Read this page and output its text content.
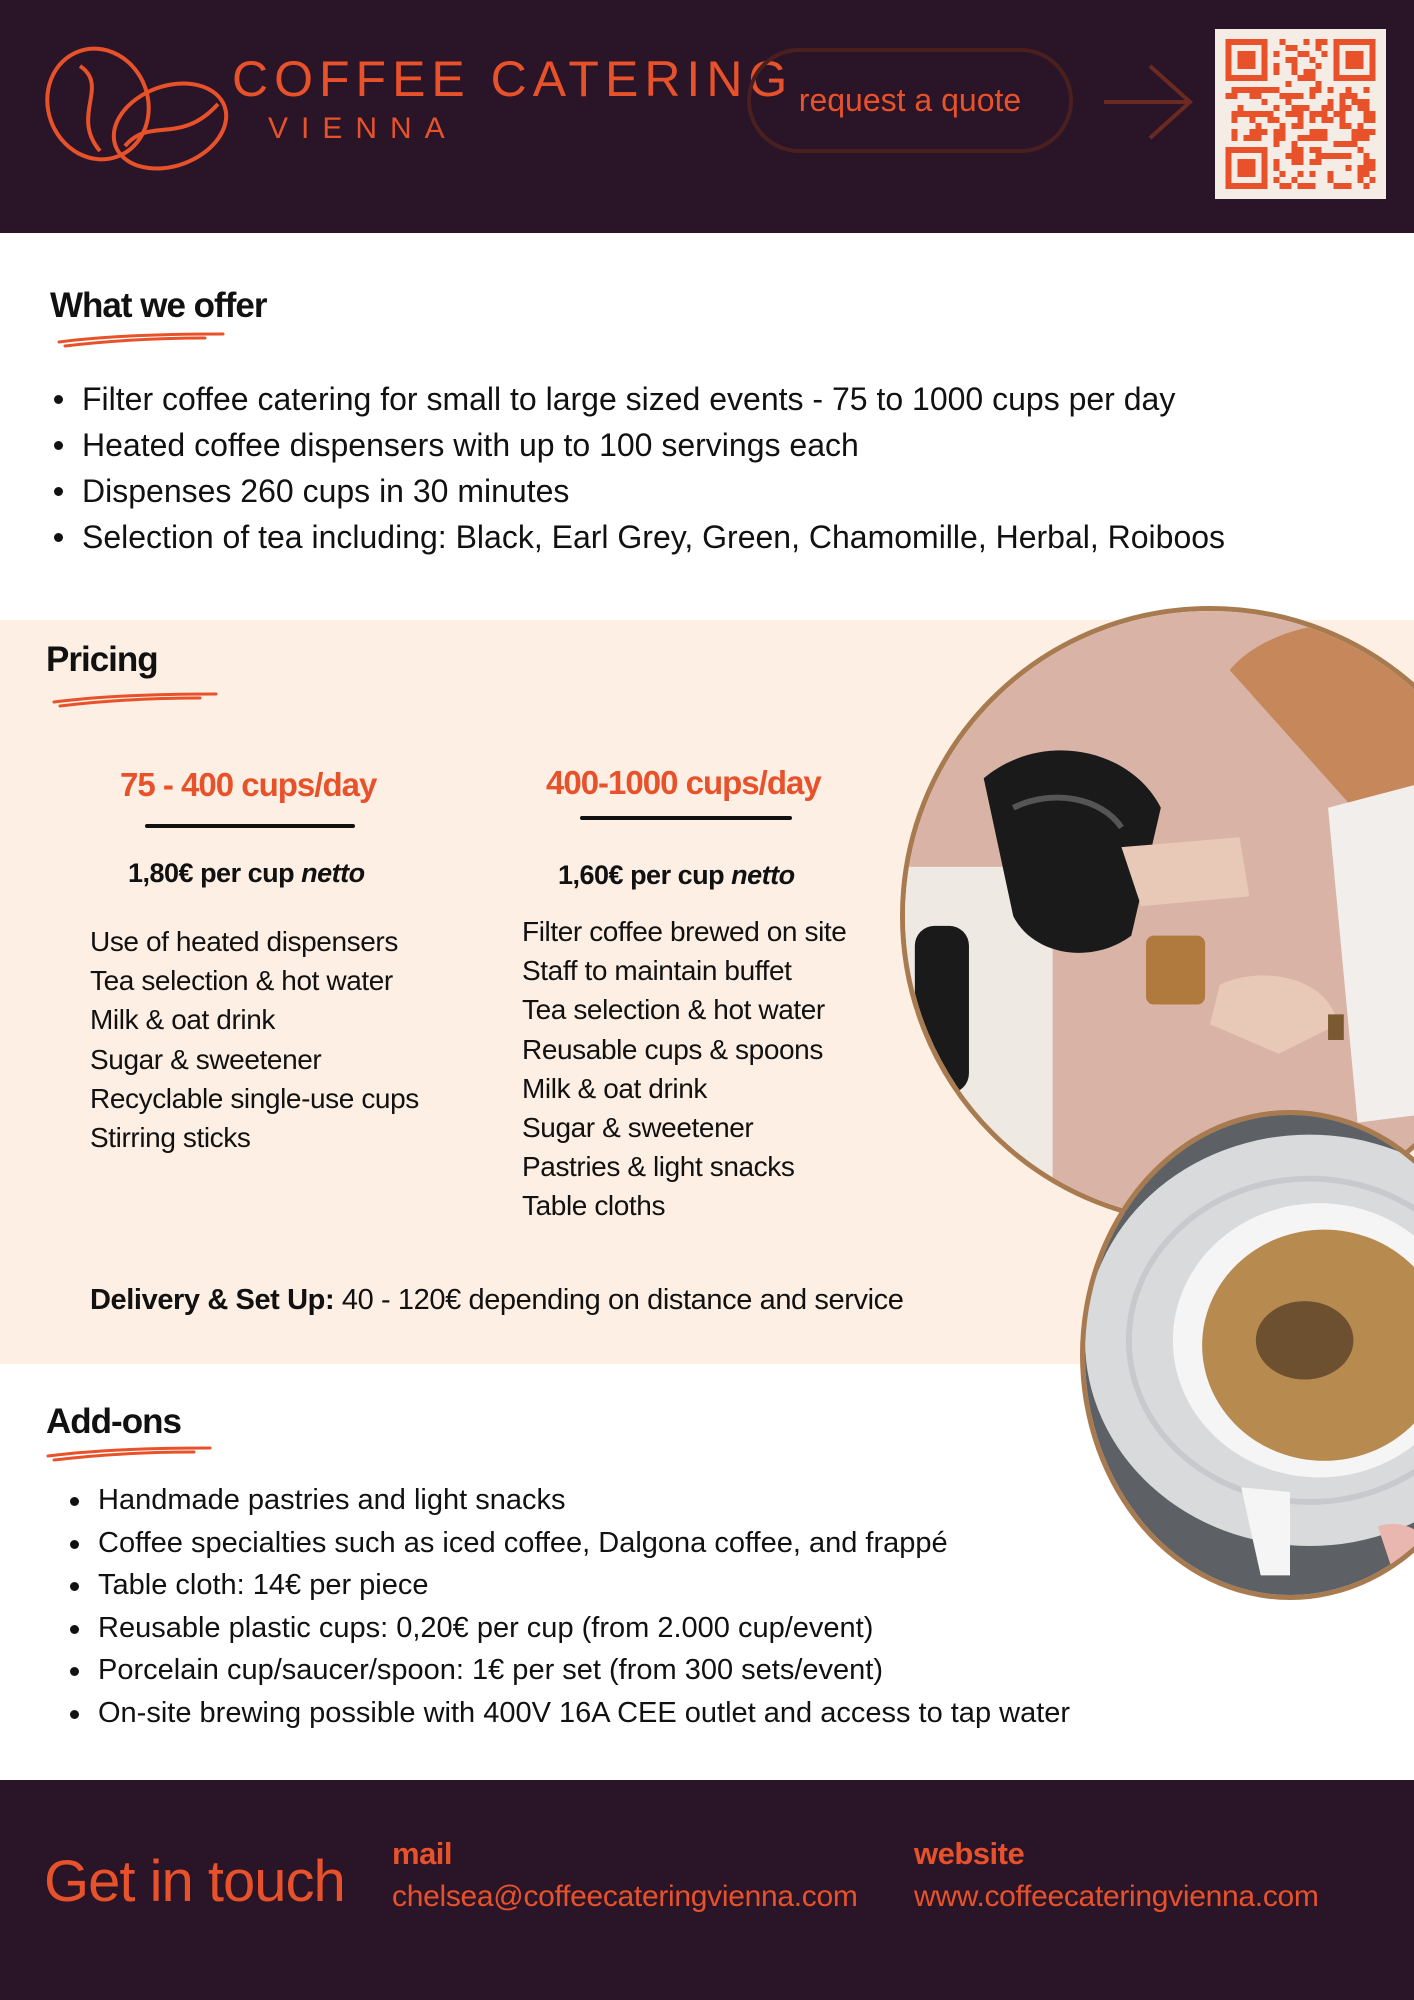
COFFEE CATERING
VIENNA
request a quote
What we offer
Filter coffee catering for small to large sized events - 75 to 1000 cups per day
Heated coffee dispensers with up to 100 servings each
Dispenses 260 cups in 30 minutes
Selection of tea including: Black, Earl Grey, Green, Chamomille, Herbal, Roiboos
Pricing
75 - 400 cups/day
1,80€ per cup netto
Use of heated dispensers
Tea selection & hot water
Milk & oat drink
Sugar & sweetener
Recyclable single-use cups
Stirring sticks
400-1000 cups/day
1,60€ per cup netto
Filter coffee brewed on site
Staff to maintain buffet
Tea selection & hot water
Reusable cups & spoons
Milk & oat drink
Sugar & sweetener
Pastries & light snacks
Table cloths
Delivery & Set Up: 40 - 120€ depending on distance and service
Add-ons
Handmade pastries and light snacks
Coffee specialties such as iced coffee, Dalgona coffee, and frappé
Table cloth: 14€ per piece
Reusable plastic cups: 0,20€ per cup (from 2.000 cup/event)
Porcelain cup/saucer/spoon: 1€ per set (from 300 sets/event)
On-site brewing possible with 400V 16A CEE outlet and access to tap water
Get in touch mail
chelsea@coffeecateringvienna.com
website
www.coffeecateringvienna.com
